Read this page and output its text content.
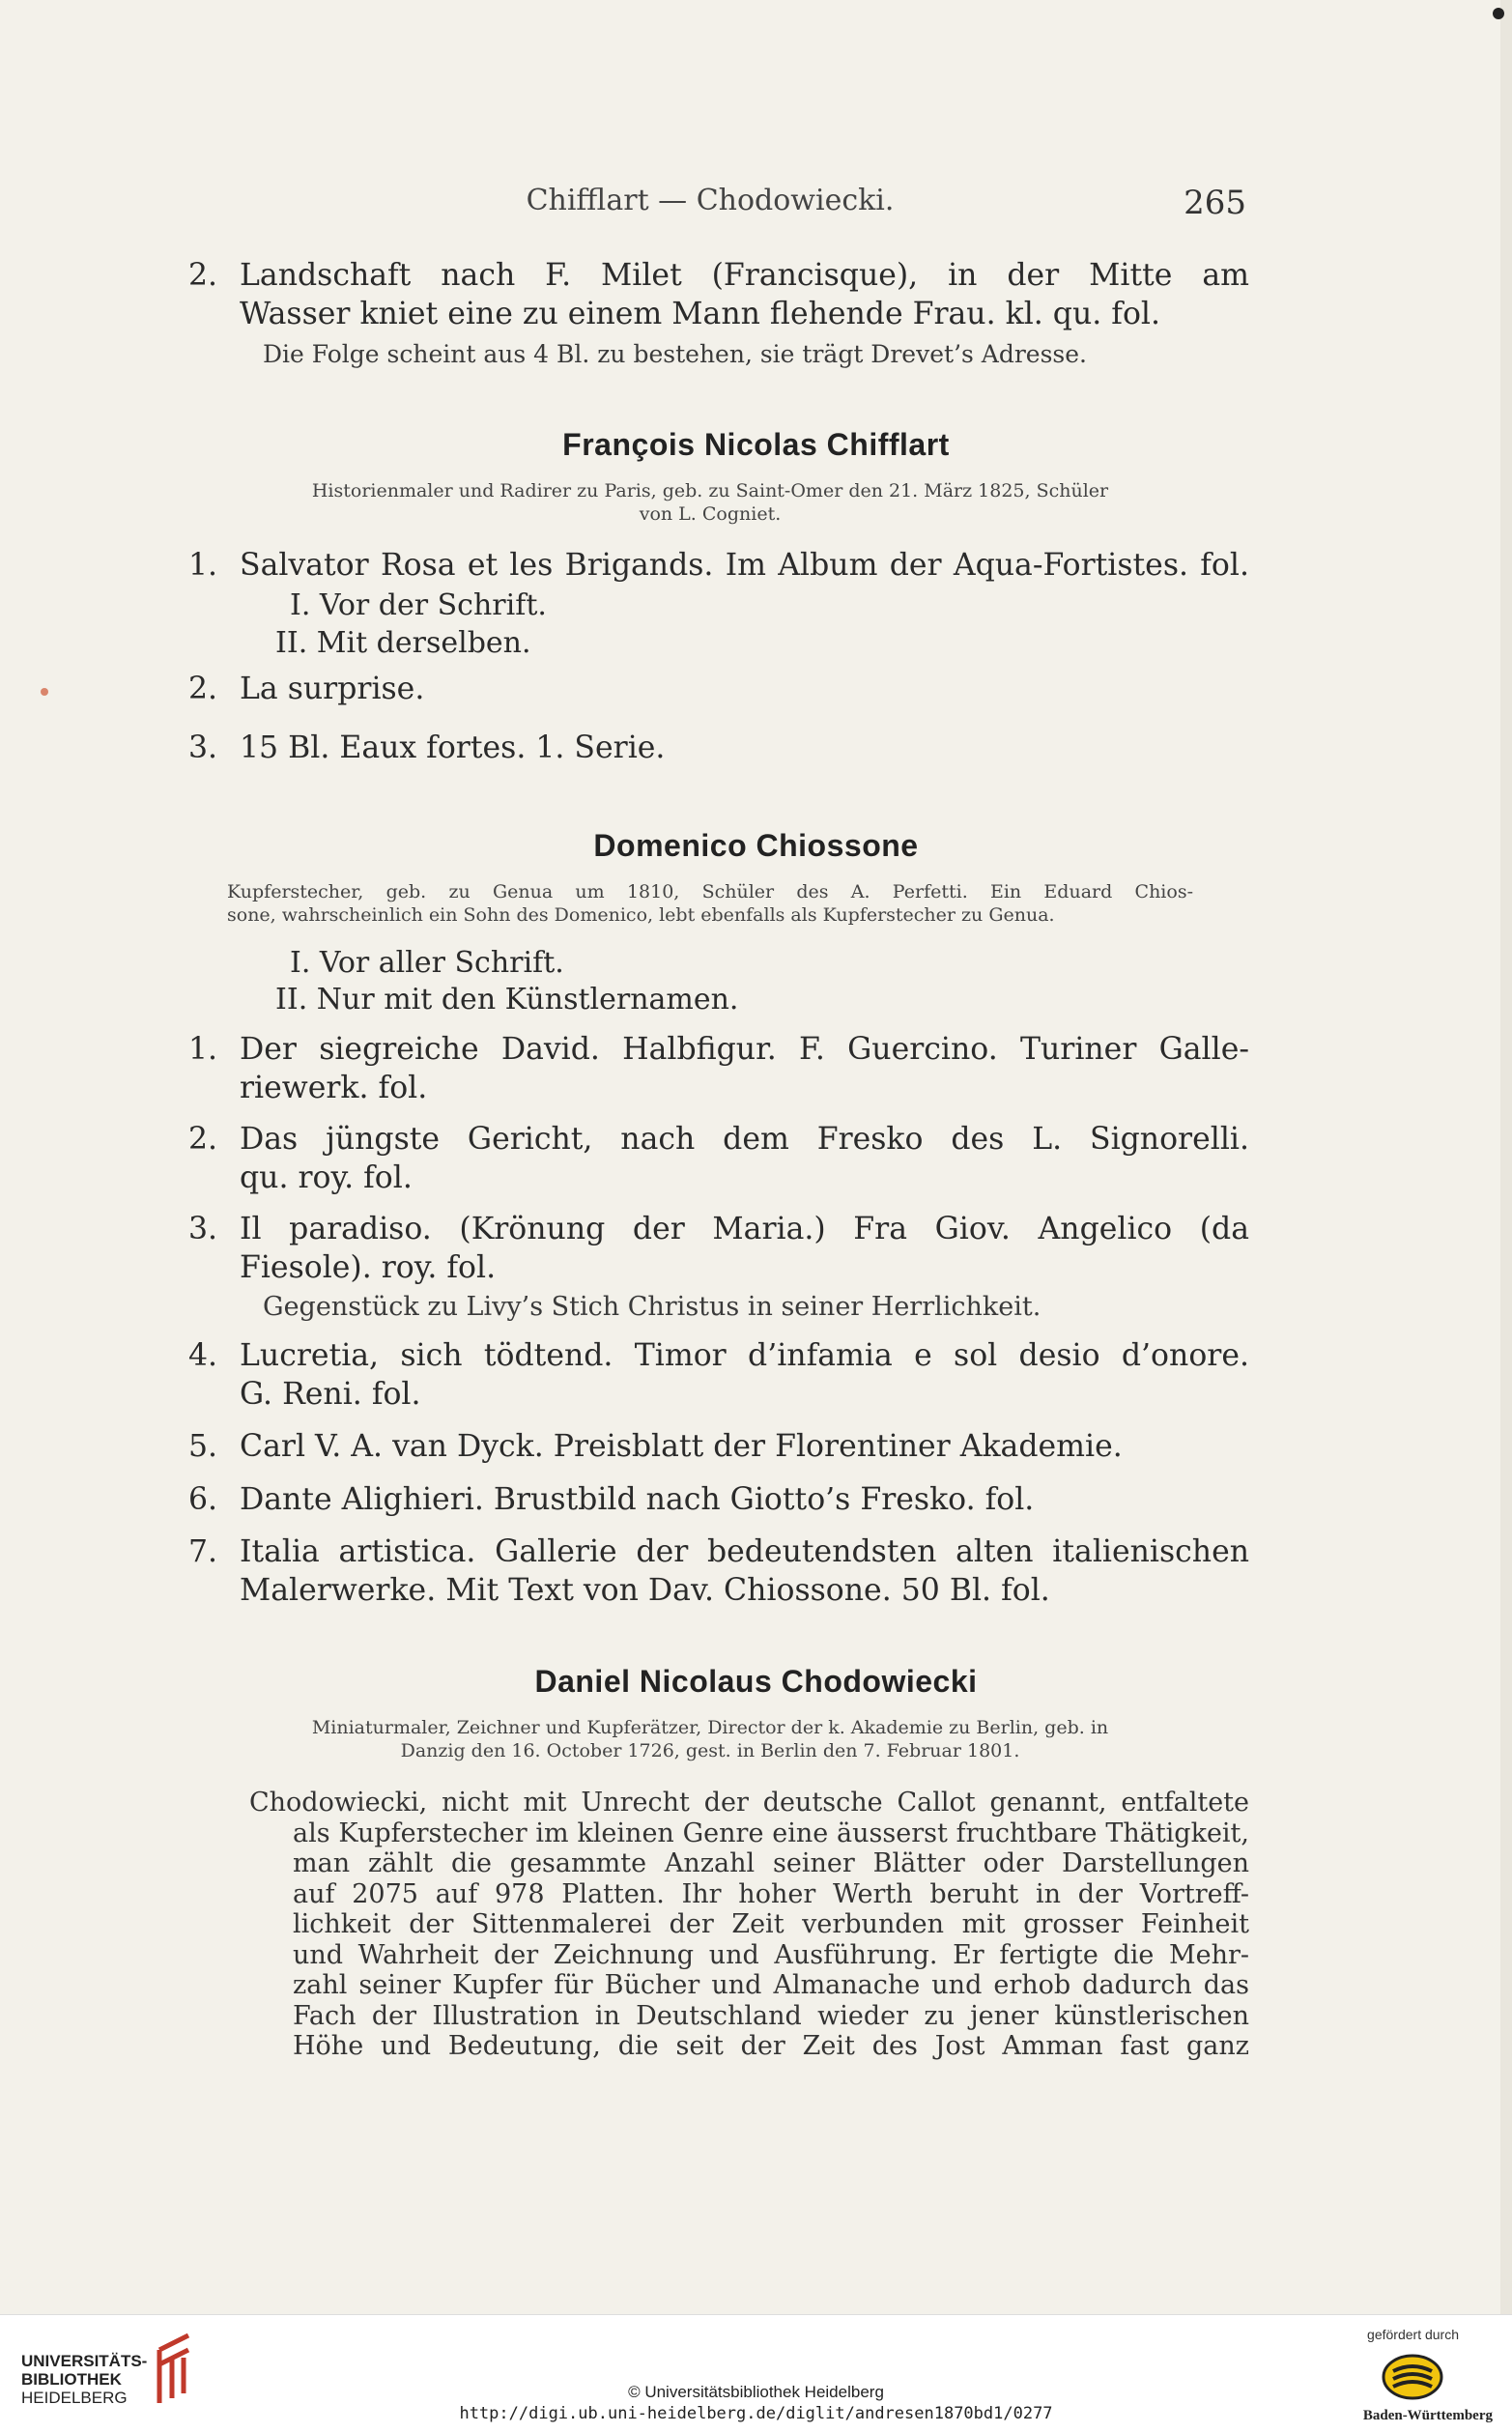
Chifflart — Chodowiecki.	265
2. Landschaft nach F. Milet (Francisque), in der Mitte am
Wasser kniet eine zu einem Mann flehende Frau. kl. qu. fol.
Die Folge scheint aus 4 Bl. zu bestehen, sie trägt Drevet’s Adresse.
François Nicolas Chifflart
Historienmaler und Radirer zu Paris, geb. zu Saint-Omer den 21. März 1825, Schüler
von L. Cogniet.
1. Salvator Rosa et les Brigands. Im Album der Aqua-Fortistes. fol.
I. Vor der Schrift.
II. Mit derselben.
2. La surprise.
3. 15 Bl. Eaux fortes. 1. Serie.
Domenico Chiossone
Kupferstecher, geb. zu Genua um 1810, Schüler des A. Perfetti. Ein Eduard Chios-
sone, wahrscheinlich ein Sohn des Domenico, lebt ebenfalls als Kupferstecher zu Genua.
I. Vor aller Schrift.
II. Nur mit den Künstlernamen.
1. Der siegreiche David. Halbfigur. F. Guercino. Turiner Galle-
riewerk. fol.
2. Das jüngste Gericht, nach dem Fresko des L. Signorelli.
qu. roy. fol.
3. Il paradiso. (Krönung der Maria.) Fra Giov. Angelico (da
Fiesole). roy. fol.
Gegenstück zu Livy’s Stich Christus in seiner Herrlichkeit.
4. Lucretia, sich tödtend. Timor d’infamia e sol desio d’onore.
G. Reni. fol.
5. Carl V. A. van Dyck. Preisblatt der Florentiner Akademie.
6. Dante Alighieri. Brustbild nach Giotto’s Fresko. fol.
7. Italia artistica. Gallerie der bedeutendsten alten italienischen
Malerwerke. Mit Text von Dav. Chiossone. 50 Bl. fol.
Daniel Nicolaus Chodowiecki
Miniaturmaler, Zeichner und Kupferätzer, Director der k. Akademie zu Berlin, geb. in
Danzig den 16. October 1726, gest. in Berlin den 7. Februar 1801.
Chodowiecki, nicht mit Unrecht der deutsche Callot genannt, entfaltete
als Kupferstecher im kleinen Genre eine äusserst fruchtbare Thätigkeit,
man zählt die gesammte Anzahl seiner Blätter oder Darstellungen
auf 2075 auf 978 Platten. Ihr hoher Werth beruht in der Vortreff-
lichkeit der Sittenmalerei der Zeit verbunden mit grosser Feinheit
und Wahrheit der Zeichnung und Ausführung. Er fertigte die Mehr-
zahl seiner Kupfer für Bücher und Almanache und erhob dadurch das
Fach der Illustration in Deutschland wieder zu jener künstlerischen
Höhe und Bedeutung, die seit der Zeit des Jost Amman fast ganz
UNIVERSITÄTS-
BIBLIOTHEK
HEIDELBERG	© Universitätsbibliothek Heidelberg
http://digi.ub.uni-heidelberg.de/diglit/andresen1870bd1/0277
gefördert durch
Baden-Württemberg
